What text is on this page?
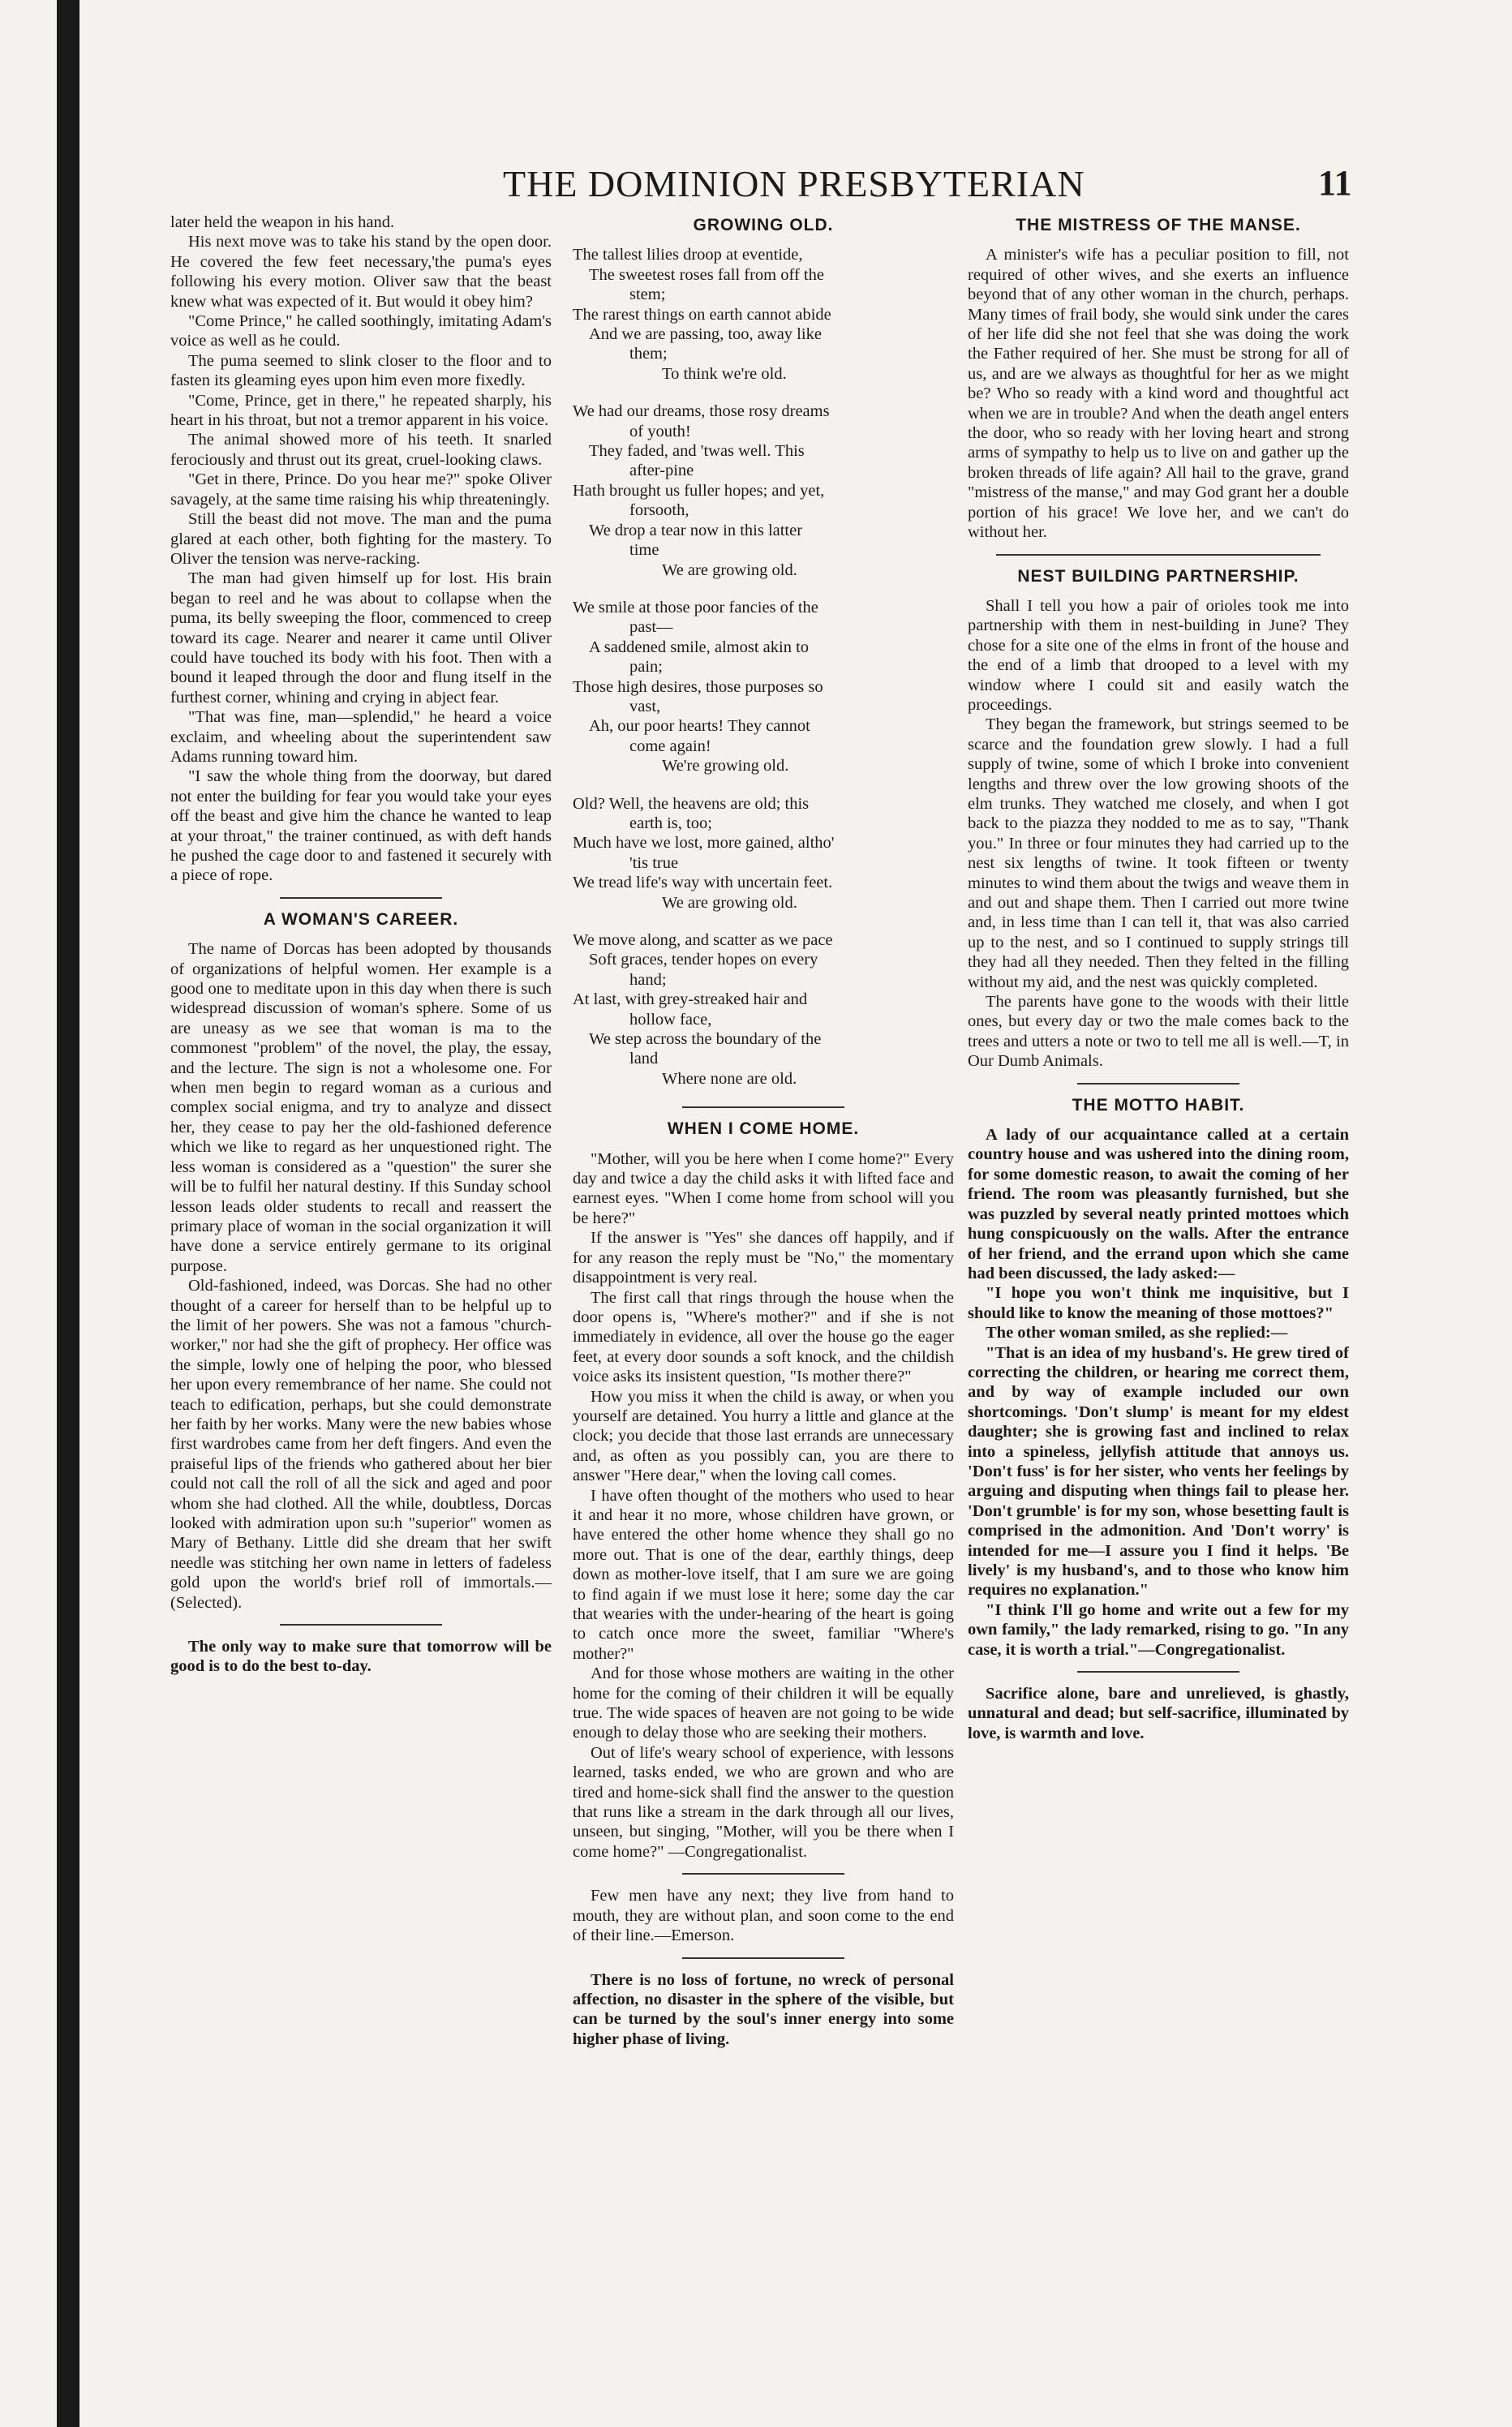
THE DOMINION PRESBYTERIAN	11

later held the weapon in his hand.

His next move was to take his stand by the open door. He covered the few feet necessary,'the puma's eyes following his every motion. Oliver saw that the beast knew what was expected of it. But would it obey him?

"Come Prince," he called soothingly, imitating Adam's voice as well as he could.

The puma seemed to slink closer to the floor and to fasten its gleaming eyes upon him even more fixedly.

"Come, Prince, get in there," he repeated sharply, his heart in his throat, but not a tremor apparent in his voice.

The animal showed more of his teeth. It snarled ferociously and thrust out its great, cruel-looking claws.

"Get in there, Prince. Do you hear me?" spoke Oliver savagely, at the same time raising his whip threateningly.

Still the beast did not move. The man and the puma glared at each other, both fighting for the mastery. To Oliver the tension was nerve-racking.

The man had given himself up for lost. His brain began to reel and he was about to collapse when the puma, its belly sweeping the floor, commenced to creep toward its cage. Nearer and nearer it came until Oliver could have touched its body with his foot. Then with a bound it leaped through the door and flung itself in the furthest corner, whining and crying in abject fear.

"That was fine, man—splendid," he heard a voice exclaim, and wheeling about the superintendent saw Adams running toward him.

"I saw the whole thing from the doorway, but dared not enter the building for fear you would take your eyes off the beast and give him the chance he wanted to leap at your throat," the trainer continued, as with deft hands he pushed the cage door to and fastened it securely with a piece of rope.

A WOMAN'S CAREER.

The name of Dorcas has been adopted by thousands of organizations of helpful women. Her example is a good one to meditate upon in this day when there is such widespread discussion of woman's sphere. Some of us are uneasy as we see that woman is ma to the commonest "problem" of the novel, the play, the essay, and the lecture. The sign is not a wholesome one. For when men begin to regard woman as a curious and complex social enigma, and try to analyze and dissect her, they cease to pay her the old-fashioned deference which we like to regard as her unquestioned right. The less woman is considered as a "question" the surer she will be to fulfil her natural destiny. If this Sunday school lesson leads older students to recall and reassert the primary place of woman in the social organization it will have done a service entirely germane to its original purpose.

Old-fashioned, indeed, was Dorcas. She had no other thought of a career for herself than to be helpful up to the limit of her powers. She was not a famous "church-worker," nor had she the gift of prophecy. Her office was the simple, lowly one of helping the poor, who blessed her upon every remembrance of her name. She could not teach to edification, perhaps, but she could demonstrate her faith by her works. Many were the new babies whose first wardrobes came from her deft fingers. And even the praiseful lips of the friends who gathered about her bier could not call the roll of all the sick and aged and poor whom she had clothed. All the while, doubtless, Dorcas looked with admiration upon su:h "superior" women as Mary of Bethany. Little did she dream that her swift needle was stitching her own name in letters of fadeless gold upon the world's brief roll of immortals.—(Selected).

The only way to make sure that tomorrow will be good is to do the best to-day.

GROWING OLD.
The tallest lilies droop at eventide,
The sweetest roses fall from off the
stem;
The rarest things on earth cannot abide
And we are passing, too, away like
them;
To think we're old.
We had our dreams, those rosy dreams
of youth!
They faded, and 'twas well. This
after-pine
Hath brought us fuller hopes; and yet,
forsooth,
We drop a tear now in this latter
time
We are growing old.
We smile at those poor fancies of the
past—
A saddened smile, almost akin to
pain;
Those high desires, those purposes so
vast,
Ah, our poor hearts! They cannot
come again!
We're growing old.
Old? Well, the heavens are old; this
earth is, too;
Much have we lost, more gained, altho'
'tis true
We tread life's way with uncertain feet.
We are growing old.
We move along, and scatter as we pace
Soft graces, tender hopes on every
hand;
At last, with grey-streaked hair and
hollow face,
We step across the boundary of the
land
Where none are old.
WHEN I COME HOME.

"Mother, will you be here when I come home?" Every day and twice a day the child asks it with lifted face and earnest eyes. "When I come home from school will you be here?"

If the answer is "Yes" she dances off happily, and if for any reason the reply must be "No," the momentary disappointment is very real.

The first call that rings through the house when the door opens is, "Where's mother?" and if she is not immediately in evidence, all over the house go the eager feet, at every door sounds a soft knock, and the childish voice asks its insistent question, "Is mother there?"

How you miss it when the child is away, or when you yourself are detained. You hurry a little and glance at the clock; you decide that those last errands are unnecessary and, as often as you possibly can, you are there to answer "Here dear," when the loving call comes.

I have often thought of the mothers who used to hear it and hear it no more, whose children have grown, or have entered the other home whence they shall go no more out. That is one of the dear, earthly things, deep down as mother-love itself, that I am sure we are going to find again if we must lose it here; some day the car that wearies with the under-hearing of the heart is going to catch once more the sweet, familiar "Where's mother?"

And for those whose mothers are waiting in the other home for the coming of their children it will be equally true. The wide spaces of heaven are not going to be wide enough to delay those who are seeking their mothers.

Out of life's weary school of experience, with lessons learned, tasks ended, we who are grown and who are tired and home-sick shall find the answer to the question that runs like a stream in the dark through all our lives, unseen, but singing, "Mother, will you be there when I come home?" —Congregationalist.

Few men have any next; they live from hand to mouth, they are without plan, and soon come to the end of their line.—Emerson.

There is no loss of fortune, no wreck of personal affection, no disaster in the sphere of the visible, but can be turned by the soul's inner energy into some higher phase of living.

THE MISTRESS OF THE MANSE.

A minister's wife has a peculiar position to fill, not required of other wives, and she exerts an influence beyond that of any other woman in the church, perhaps. Many times of frail body, she would sink under the cares of her life did she not feel that she was doing the work the Father required of her. She must be strong for all of us, and are we always as thoughtful for her as we might be? Who so ready with a kind word and thoughtful act when we are in trouble? And when the death angel enters the door, who so ready with her loving heart and strong arms of sympathy to help us to live on and gather up the broken threads of life again? All hail to the grave, grand "mistress of the manse," and may God grant her a double portion of his grace! We love her, and we can't do without her.

NEST BUILDING PARTNERSHIP.

Shall I tell you how a pair of orioles took me into partnership with them in nest-building in June? They chose for a site one of the elms in front of the house and the end of a limb that drooped to a level with my window where I could sit and easily watch the proceedings.

They began the framework, but strings seemed to be scarce and the foundation grew slowly. I had a full supply of twine, some of which I broke into convenient lengths and threw over the low growing shoots of the elm trunks. They watched me closely, and when I got back to the piazza they nodded to me as to say, "Thank you." In three or four minutes they had carried up to the nest six lengths of twine. It took fifteen or twenty minutes to wind them about the twigs and weave them in and out and shape them. Then I carried out more twine and, in less time than I can tell it, that was also carried up to the nest, and so I continued to supply strings till they had all they needed. Then they felted in the filling without my aid, and the nest was quickly completed.

The parents have gone to the woods with their little ones, but every day or two the male comes back to the trees and utters a note or two to tell me all is well.—T, in Our Dumb Animals.

THE MOTTO HABIT.

A lady of our acquaintance called at a certain country house and was ushered into the dining room, for some domestic reason, to await the coming of her friend. The room was pleasantly furnished, but she was puzzled by several neatly printed mottoes which hung conspicuously on the walls. After the entrance of her friend, and the errand upon which she came had been discussed, the lady asked:—

"I hope you won't think me inquisitive, but I should like to know the meaning of those mottoes?"

The other woman smiled, as she replied:—

"That is an idea of my husband's. He grew tired of correcting the children, or hearing me correct them, and by way of example included our own shortcomings. 'Don't slump' is meant for my eldest daughter; she is growing fast and inclined to relax into a spineless, jellyfish attitude that annoys us. 'Don't fuss' is for her sister, who vents her feelings by arguing and disputing when things fail to please her. 'Don't grumble' is for my son, whose besetting fault is comprised in the admonition. And 'Don't worry' is intended for me—I assure you I find it helps. 'Be lively' is my husband's, and to those who know him requires no explanation."

"I think I'll go home and write out a few for my own family," the lady remarked, rising to go. "In any case, it is worth a trial."—Congregationalist.

Sacrifice alone, bare and unrelieved, is ghastly, unnatural and dead; but self-sacrifice, illuminated by love, is warmth and love.
